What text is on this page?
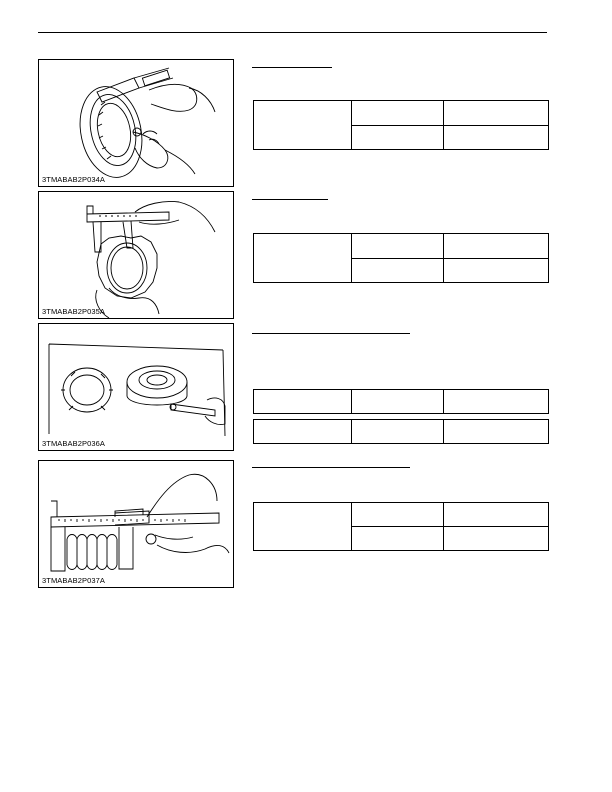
3TMABAB2P034A
3TMABAB2P035A
3TMABAB2P036A
3TMABAB2P037A
